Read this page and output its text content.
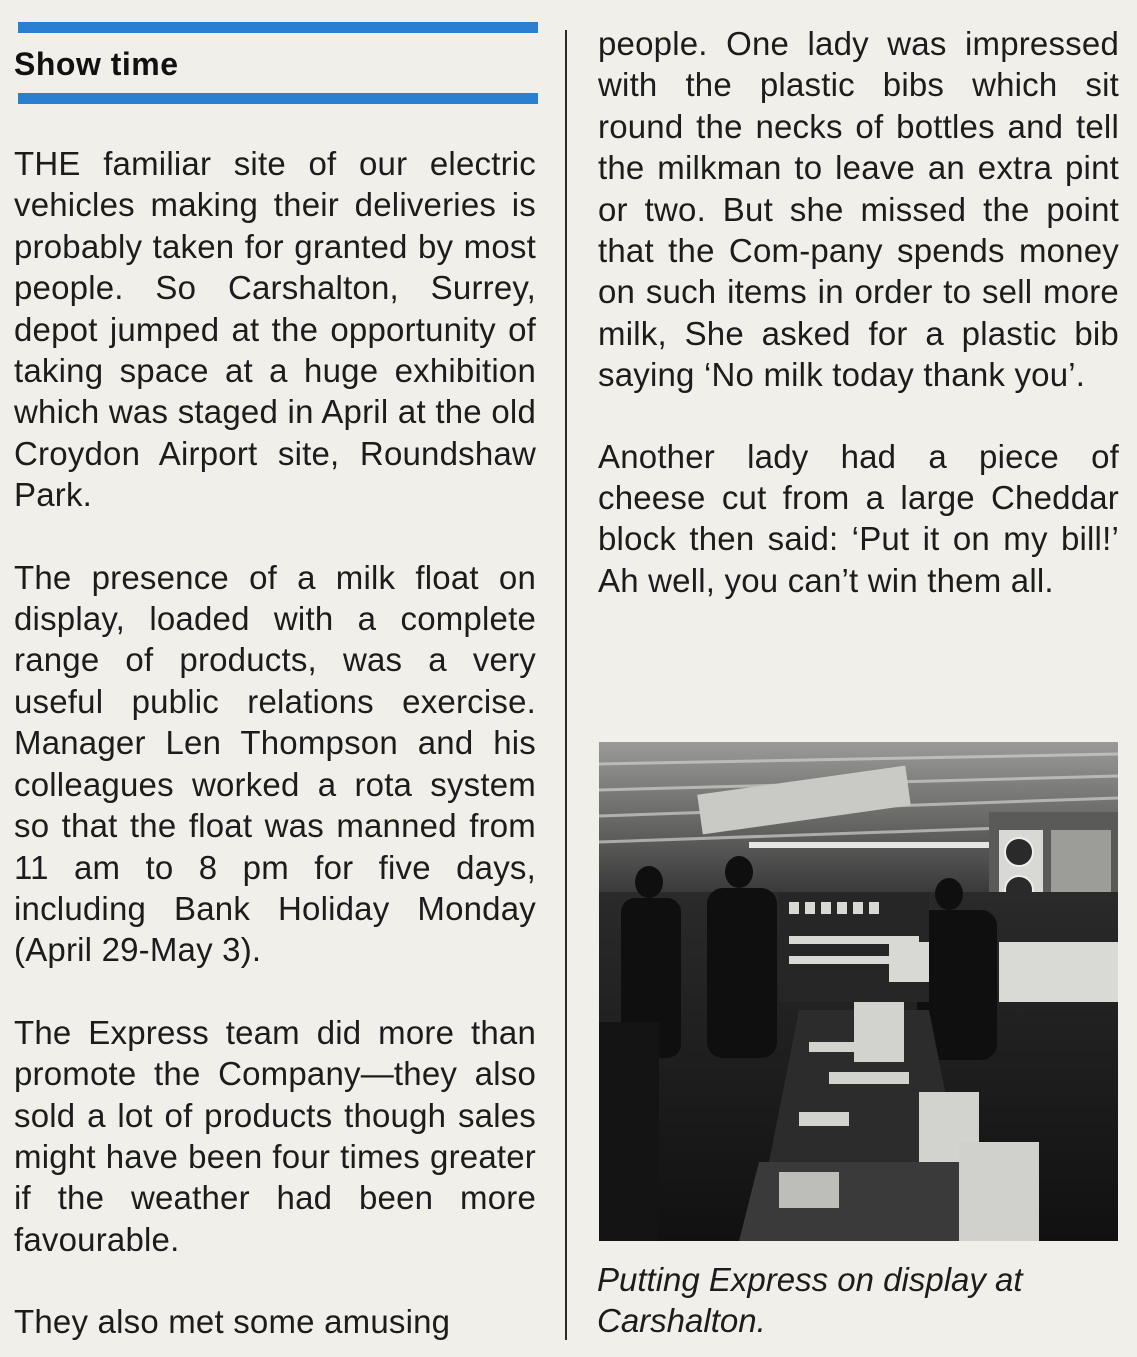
Show time

THE familiar site of our electric vehicles making their deliveries is probably taken for granted by most people. So Carshalton, Surrey, depot jumped at the opportunity of taking space at a huge exhibition which was staged in April at the old Croydon Airport site, Roundshaw Park.

The presence of a milk float on display, loaded with a complete range of products, was a very useful public relations exercise. Manager Len Thompson and his colleagues worked a rota system so that the float was manned from 11 am to 8 pm for five days, including Bank Holiday Monday (April 29-May 3).

The Express team did more than promote the Company—they also sold a lot of products though sales might have been four times greater if the weather had been more favourable.

They also met some amusing

people. One lady was impressed with the plastic bibs which sit round the necks of bottles and tell the milkman to leave an extra pint or two. But she missed the point that the Com-pany spends money on such items in order to sell more milk, She asked for a plastic bib saying ‘No milk today thank you’.

Another lady had a piece of cheese cut from a large Cheddar block then said: ‘Put it on my bill!’ Ah well, you can’t win them all.

Putting Express on display at Carshalton.
